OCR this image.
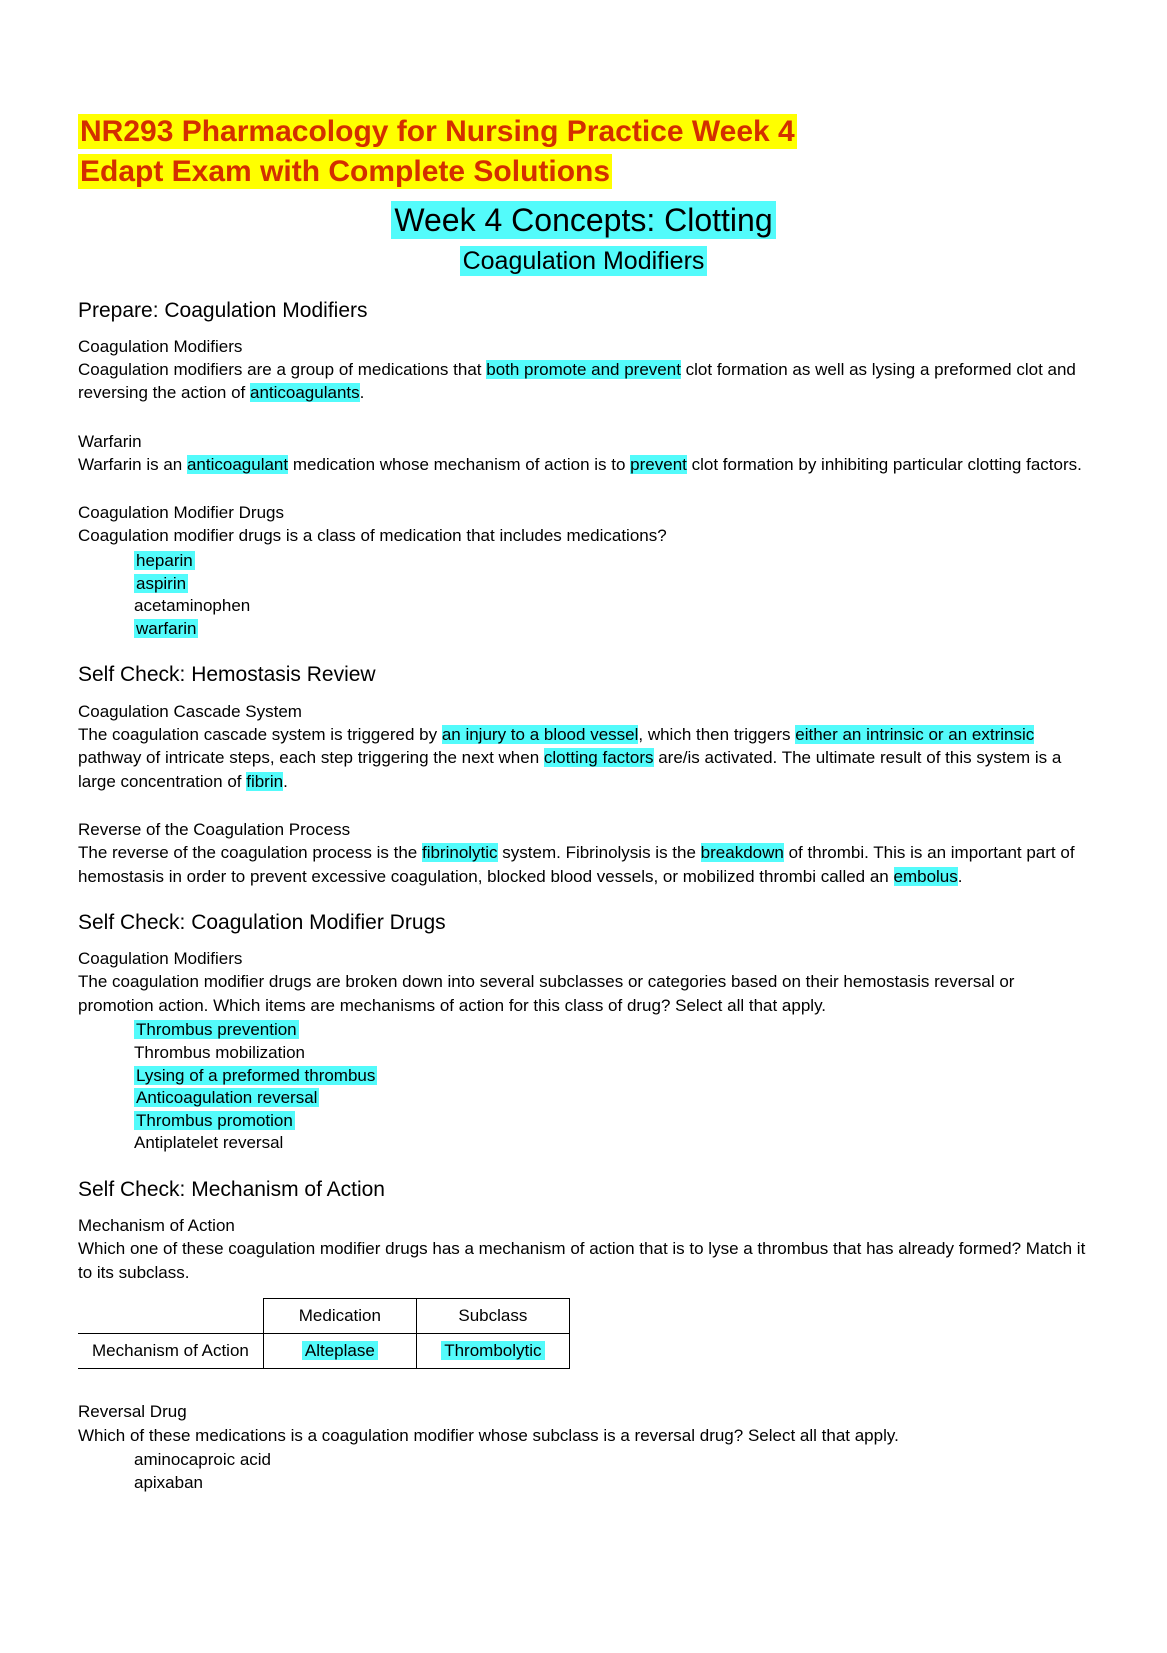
NR293 Pharmacology for Nursing Practice Week 4
Edapt Exam with Complete Solutions
Week 4 Concepts: Clotting
Coagulation Modifiers
Prepare: Coagulation Modifiers
Coagulation Modifiers

Coagulation modifiers are a group of medications that both promote and prevent clot formation as well as lysing a preformed clot and reversing the action of anticoagulants.

Warfarin

Warfarin is an anticoagulant medication whose mechanism of action is to prevent clot formation by inhibiting particular clotting factors.

Coagulation Modifier Drugs

Coagulation modifier drugs is a class of medication that includes medications?

heparin
aspirin
acetaminophen
warfarin
Self Check: Hemostasis Review
Coagulation Cascade System

The coagulation cascade system is triggered by an injury to a blood vessel, which then triggers either an intrinsic or an extrinsic pathway of intricate steps, each step triggering the next when clotting factors are/is activated. The ultimate result of this system is a large concentration of fibrin.

Reverse of the Coagulation Process

The reverse of the coagulation process is the fibrinolytic system. Fibrinolysis is the breakdown of thrombi. This is an important part of hemostasis in order to prevent excessive coagulation, blocked blood vessels, or mobilized thrombi called an embolus.

Self Check: Coagulation Modifier Drugs
Coagulation Modifiers

The coagulation modifier drugs are broken down into several subclasses or categories based on their hemostasis reversal or promotion action. Which items are mechanisms of action for this class of drug? Select all that apply.

Thrombus prevention
Thrombus mobilization
Lysing of a preformed thrombus
Anticoagulation reversal
Thrombus promotion
Antiplatelet reversal
Self Check: Mechanism of Action
Mechanism of Action

Which one of these coagulation modifier drugs has a mechanism of action that is to lyse a thrombus that has already formed? Match it to its subclass.

	Medication	Subclass
Mechanism of Action	Alteplase	Thrombolytic
Reversal Drug

Which of these medications is a coagulation modifier whose subclass is a reversal drug? Select all that apply.

aminocaproic acid
apixaban
